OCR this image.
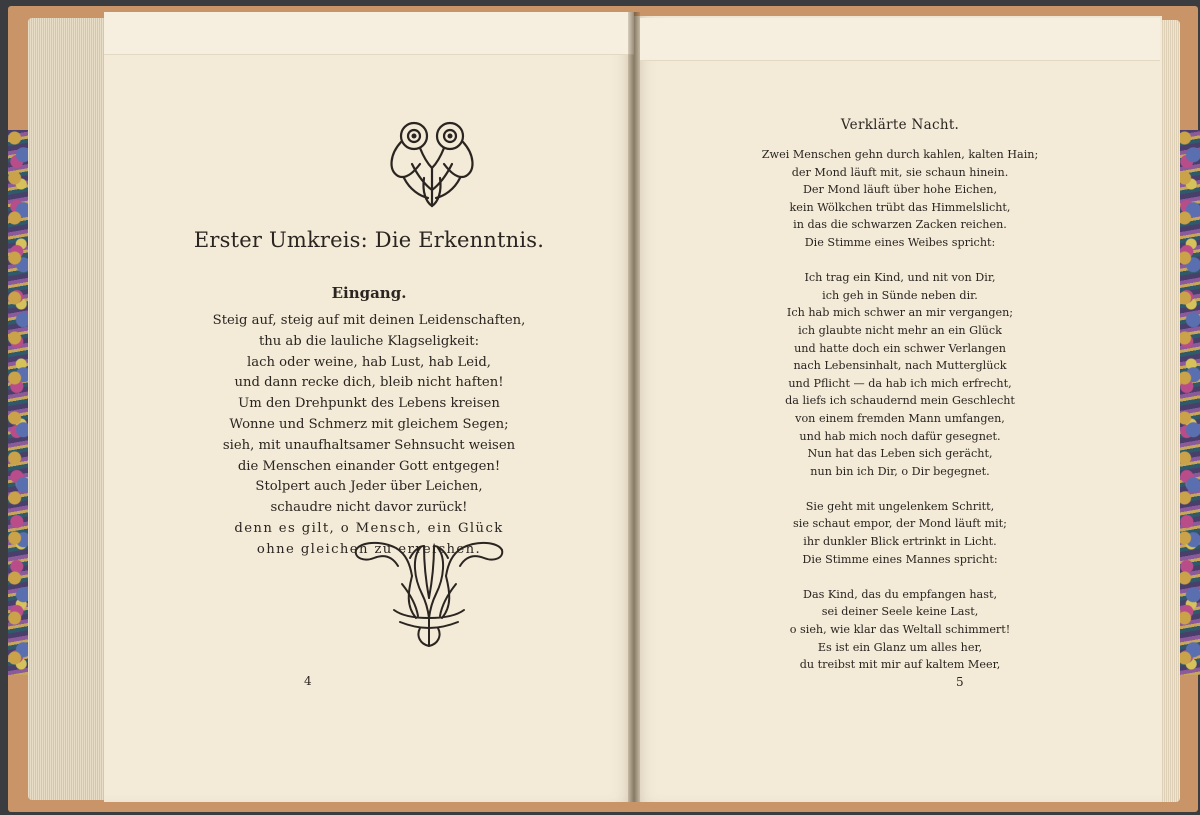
Erster Umkreis: Die Erkenntnis.
Eingang.
Steig auf, steig auf mit deinen Leidenschaften,
thu ab die lauliche Klagseligkeit:
lach oder weine, hab Lust, hab Leid,
und dann recke dich, bleib nicht haften!
Um den Drehpunkt des Lebens kreisen
Wonne und Schmerz mit gleichem Segen;
sieh, mit unaufhaltsamer Sehnsucht weisen
die Menschen einander Gott entgegen!
Stolpert auch Jeder über Leichen,
schaudre nicht davor zurück!
denn es gilt, o Mensch, ein Glück
ohne gleichen zu erreichen.
4
Verklärte Nacht.
Zwei Menschen gehn durch kahlen, kalten Hain;
der Mond läuft mit, sie schaun hinein.
Der Mond läuft über hohe Eichen,
kein Wölkchen trübt das Himmelslicht,
in das die schwarzen Zacken reichen.
Die Stimme eines Weibes spricht:
Ich trag ein Kind, und nit von Dir,
ich geh in Sünde neben dir.
Ich hab mich schwer an mir vergangen;
ich glaubte nicht mehr an ein Glück
und hatte doch ein schwer Verlangen
nach Lebensinhalt, nach Mutterglück
und Pflicht — da hab ich mich erfrecht,
da liefs ich schaudernd mein Geschlecht
von einem fremden Mann umfangen,
und hab mich noch dafür gesegnet.
Nun hat das Leben sich gerächt,
nun bin ich Dir, o Dir begegnet.
Sie geht mit ungelenkem Schritt,
sie schaut empor, der Mond läuft mit;
ihr dunkler Blick ertrinkt in Licht.
Die Stimme eines Mannes spricht:
Das Kind, das du empfangen hast,
sei deiner Seele keine Last,
o sieh, wie klar das Weltall schimmert!
Es ist ein Glanz um alles her,
du treibst mit mir auf kaltem Meer,
5
